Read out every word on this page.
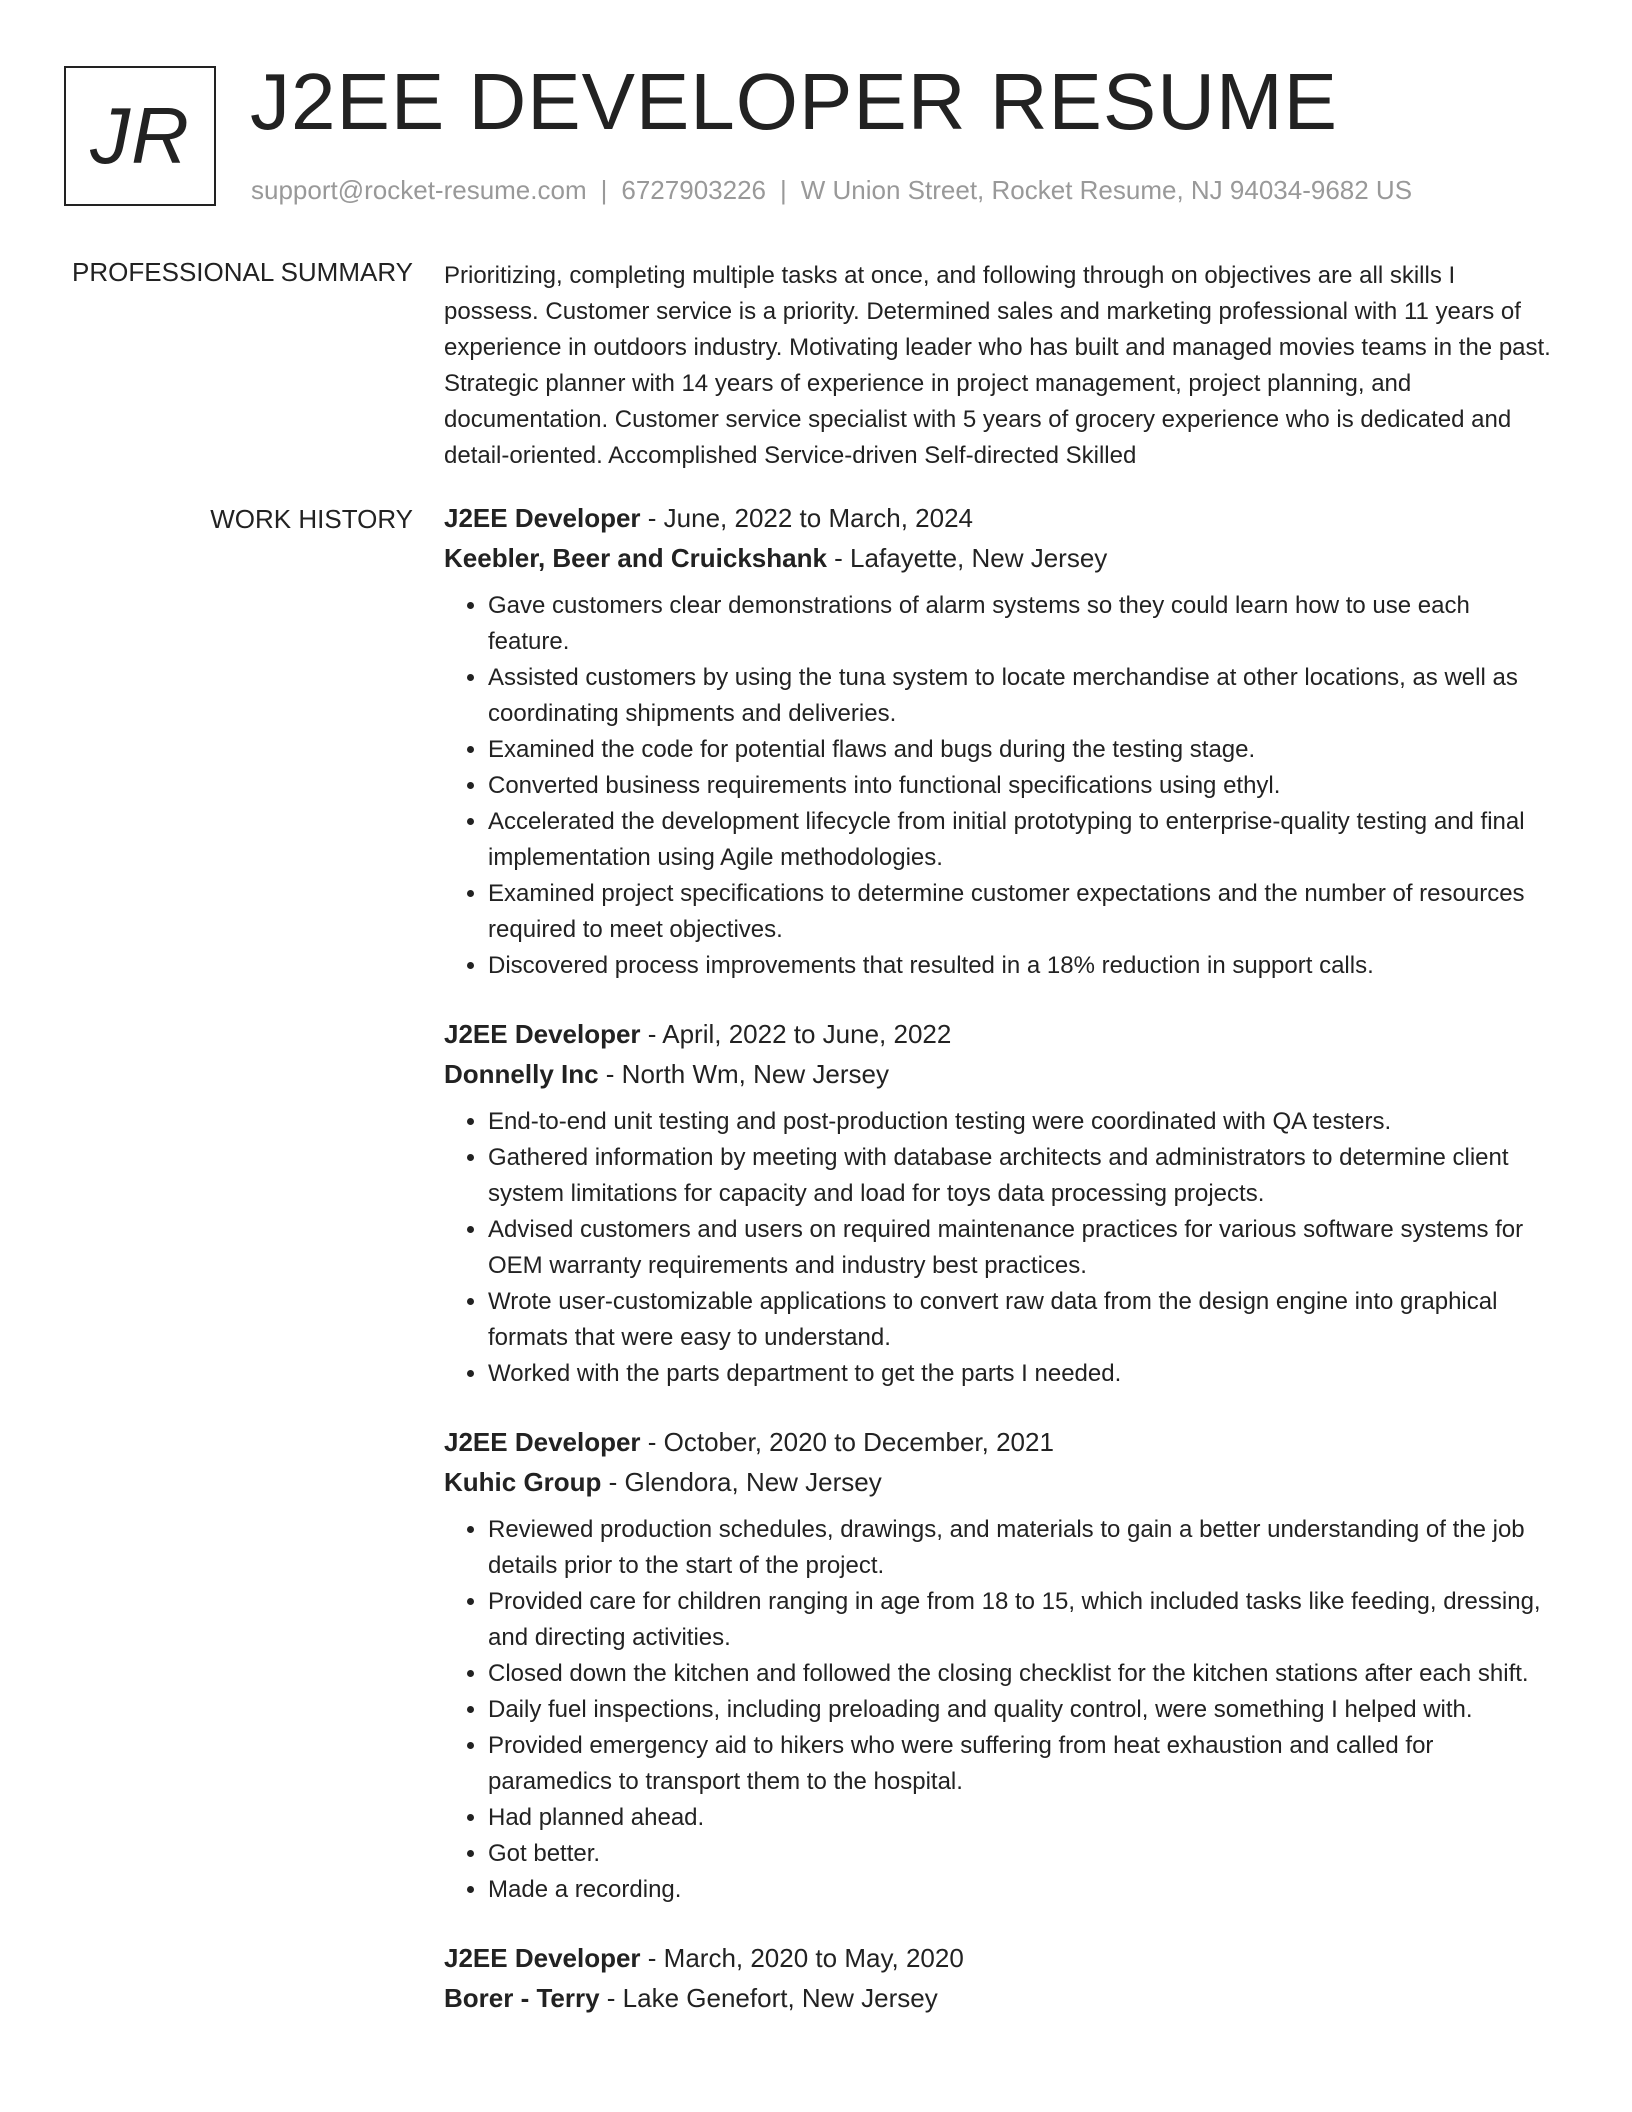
JR J2EE DEVELOPER RESUME
support@rocket-resume.com | 6727903226 | W Union Street, Rocket Resume, NJ 94034-9682 US
PROFESSIONAL SUMMARY Prioritizing, completing multiple tasks at once, and following through on objectives are all skills I possess. Customer service is a priority. Determined sales and marketing professional with 11 years of experience in outdoors industry. Motivating leader who has built and managed movies teams in the past. Strategic planner with 14 years of experience in project management, project planning, and documentation. Customer service specialist with 5 years of grocery experience who is dedicated and detail-oriented. Accomplished Service-driven Self-directed Skilled

WORK HISTORY J2EE Developer - June, 2022 to March, 2024
Keebler, Beer and Cruickshank - Lafayette, New Jersey
• Gave customers clear demonstrations of alarm systems so they could learn how to use each feature.
• Assisted customers by using the tuna system to locate merchandise at other locations, as well as coordinating shipments and deliveries.
• Examined the code for potential flaws and bugs during the testing stage.
• Converted business requirements into functional specifications using ethyl.
• Accelerated the development lifecycle from initial prototyping to enterprise-quality testing and final implementation using Agile methodologies.
• Examined project specifications to determine customer expectations and the number of resources required to meet objectives.
• Discovered process improvements that resulted in a 18% reduction in support calls.
J2EE Developer - April, 2022 to June, 2022
Donnelly Inc - North Wm, New Jersey
• End-to-end unit testing and post-production testing were coordinated with QA testers.
• Gathered information by meeting with database architects and administrators to determine client system limitations for capacity and load for toys data processing projects.
• Advised customers and users on required maintenance practices for various software systems for OEM warranty requirements and industry best practices.
• Wrote user-customizable applications to convert raw data from the design engine into graphical formats that were easy to understand.
• Worked with the parts department to get the parts I needed.
J2EE Developer - October, 2020 to December, 2021
Kuhic Group - Glendora, New Jersey
• Reviewed production schedules, drawings, and materials to gain a better understanding of the job details prior to the start of the project.
• Provided care for children ranging in age from 18 to 15, which included tasks like feeding, dressing, and directing activities.
• Closed down the kitchen and followed the closing checklist for the kitchen stations after each shift.
• Daily fuel inspections, including preloading and quality control, were something I helped with.
• Provided emergency aid to hikers who were suffering from heat exhaustion and called for paramedics to transport them to the hospital.
• Had planned ahead.
• Got better.
• Made a recording.
J2EE Developer - March, 2020 to May, 2020
Borer - Terry - Lake Genefort, New Jersey
